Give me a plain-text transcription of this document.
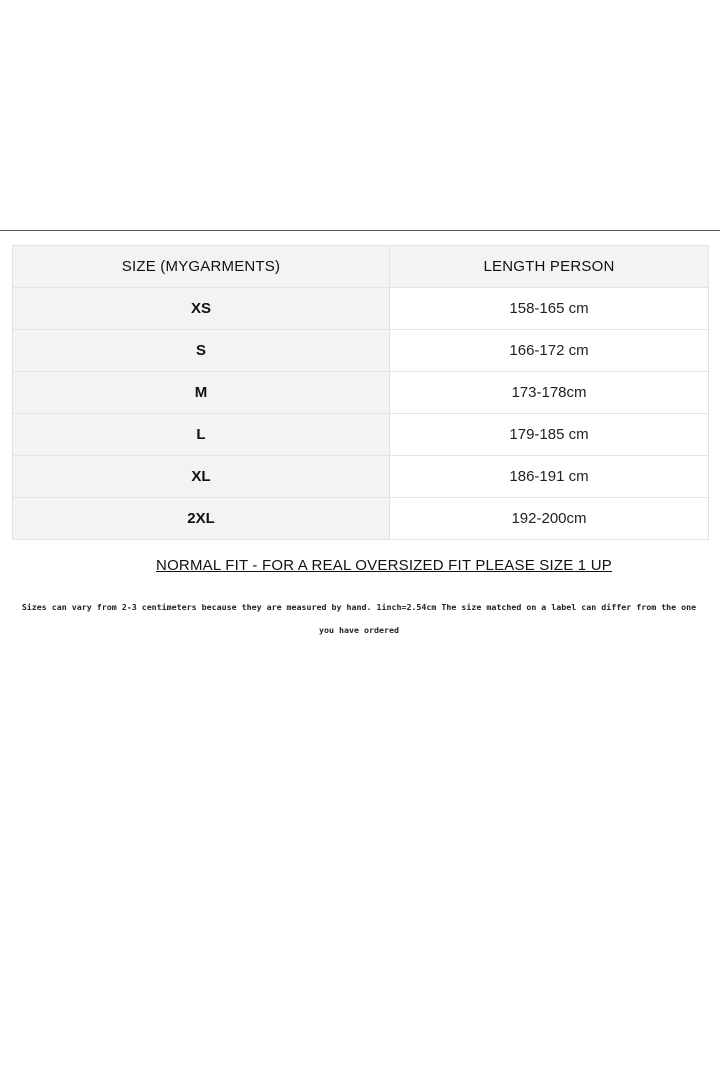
SIZE (MYGARMENTS)	LENGTH PERSON
XS	158-165 cm
S	166-172 cm
M	173-178cm
L	179-185 cm
XL	186-191 cm
2XL	192-200cm
NORMAL FIT - FOR A REAL OVERSIZED FIT PLEASE SIZE 1 UP
Sizes can vary from 2-3 centimeters because they are measured by hand. 1inch=2.54cm The size matched on a label can differ from the one you have ordered
